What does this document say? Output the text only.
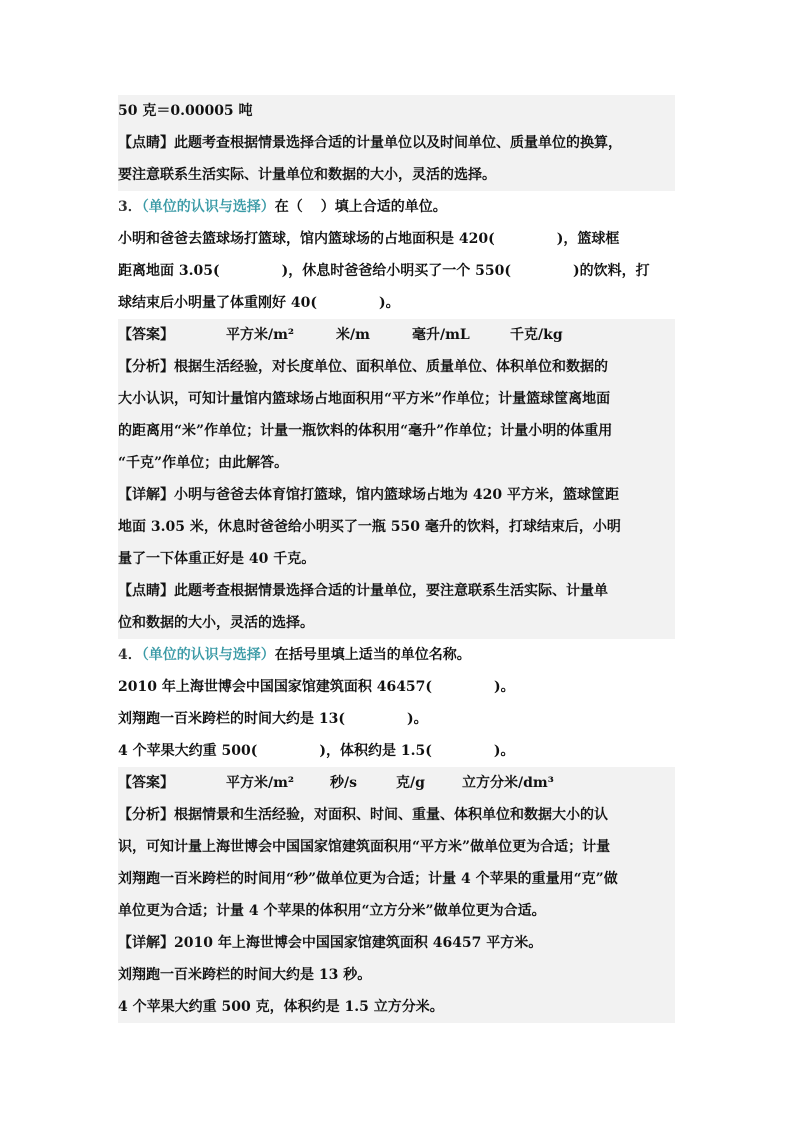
50 克＝0.00005 吨
【点睛】此题考查根据情景选择合适的计量单位以及时间单位、质量单位的换算，
要注意联系生活实际、计量单位和数据的大小，灵活的选择。
3．（单位的认识与选择）在（ ）填上合适的单位。
小明和爸爸去篮球场打篮球，馆内篮球场的占地面积是 420(	)，篮球框
距离地面 3.05(	)，休息时爸爸给小明买了一个 550(	)的饮料，打
球结束后小明量了体重刚好 40(	)。
【答案】	平方米/m²	米/m	毫升/mL	千克/kg
【分析】根据生活经验，对长度单位、面积单位、质量单位、体积单位和数据的
大小认识，可知计量馆内篮球场占地面积用“平方米”作单位；计量篮球筐离地面
的距离用“米”作单位；计量一瓶饮料的体积用“毫升”作单位；计量小明的体重用
“千克”作单位；由此解答。
【详解】小明与爸爸去体育馆打篮球，馆内篮球场占地为 420 平方米，篮球筐距
地面 3.05 米，休息时爸爸给小明买了一瓶 550 毫升的饮料，打球结束后，小明
量了一下体重正好是 40 千克。
【点睛】此题考查根据情景选择合适的计量单位，要注意联系生活实际、计量单
位和数据的大小，灵活的选择。
4．（单位的认识与选择）在括号里填上适当的单位名称。
2010 年上海世博会中国国家馆建筑面积 46457(	)。
刘翔跑一百米跨栏的时间大约是 13(	)。
4 个苹果大约重 500(	)，体积约是 1.5(	)。
【答案】	平方米/m²	秒/s	克/g	立方分米/dm³
【分析】根据情景和生活经验，对面积、时间、重量、体积单位和数据大小的认
识，可知计量上海世博会中国国家馆建筑面积用“平方米”做单位更为合适；计量
刘翔跑一百米跨栏的时间用“秒”做单位更为合适；计量 4 个苹果的重量用“克”做
单位更为合适；计量 4 个苹果的体积用“立方分米”做单位更为合适。
【详解】2010 年上海世博会中国国家馆建筑面积 46457 平方米。
刘翔跑一百米跨栏的时间大约是 13 秒。
4 个苹果大约重 500 克，体积约是 1.5 立方分米。
